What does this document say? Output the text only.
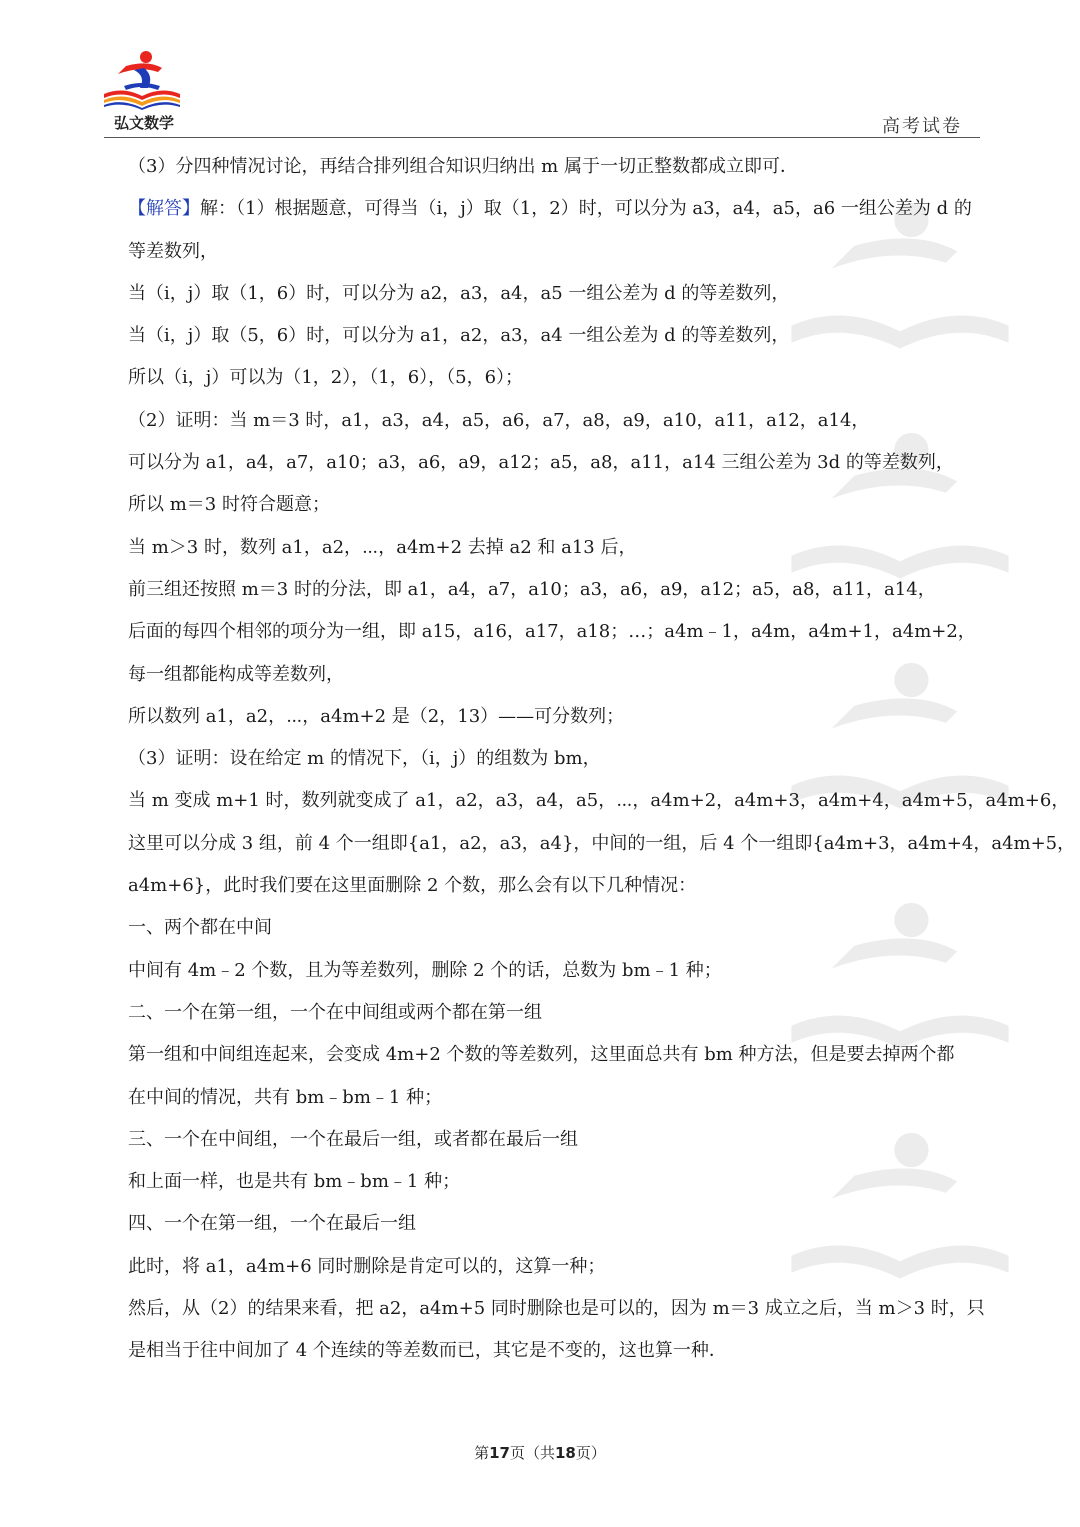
弘文数学	高考试卷
（3）分四种情况讨论，再结合排列组合知识归纳出 m 属于一切正整数都成立即可．
【解答】解：（1）根据题意，可得当（i，j）取（1，2）时，可以分为 a3，a4，a5，a6 一组公差为 d 的
等差数列，
当（i，j）取（1，6）时，可以分为 a2，a3，a4，a5 一组公差为 d 的等差数列，
当（i，j）取（5，6）时，可以分为 a1，a2，a3，a4 一组公差为 d 的等差数列，
所以（i，j）可以为（1，2），（1，6），（5，6）；
（2）证明：当 m＝3 时，a1，a3，a4，a5，a6，a7，a8，a9，a10，a11，a12，a14，
可以分为 a1，a4，a7，a10；a3，a6，a9，a12；a5，a8，a11，a14 三组公差为 3d 的等差数列，
所以 m＝3 时符合题意；
当 m＞3 时，数列 a1，a2，⋯，a4m+2 去掉 a2 和 a13 后，
前三组还按照 m＝3 时的分法，即 a1，a4，a7，a10；a3，a6，a9，a12；a5，a8，a11，a14，
后面的每四个相邻的项分为一组，即 a15，a16，a17，a18；…；a4m﹣1，a4m，a4m+1，a4m+2，
每一组都能构成等差数列，
所以数列 a1，a2，⋯，a4m+2 是（2，13）——可分数列；
（3）证明：设在给定 m 的情况下，（i，j）的组数为 bm，
当 m 变成 m+1 时，数列就变成了 a1，a2，a3，a4，a5，⋯，a4m+2，a4m+3，a4m+4，a4m+5，a4m+6，
这里可以分成 3 组，前 4 个一组即{a1，a2，a3，a4}，中间的一组，后 4 个一组即{a4m+3，a4m+4，a4m+5，
a4m+6}，此时我们要在这里面删除 2 个数，那么会有以下几种情况：
一、两个都在中间
中间有 4m﹣2 个数，且为等差数列，删除 2 个的话，总数为 bm﹣1 种；
二、一个在第一组，一个在中间组或两个都在第一组
第一组和中间组连起来，会变成 4m+2 个数的等差数列，这里面总共有 bm 种方法，但是要去掉两个都
在中间的情况，共有 bm﹣bm﹣1 种；
三、一个在中间组，一个在最后一组，或者都在最后一组
和上面一样，也是共有 bm﹣bm﹣1 种；
四、一个在第一组，一个在最后一组
此时，将 a1，a4m+6 同时删除是肯定可以的，这算一种；
然后，从（2）的结果来看，把 a2，a4m+5 同时删除也是可以的，因为 m＝3 成立之后，当 m＞3 时，只
是相当于往中间加了 4 个连续的等差数而已，其它是不变的，这也算一种．
第17页（共18页）
